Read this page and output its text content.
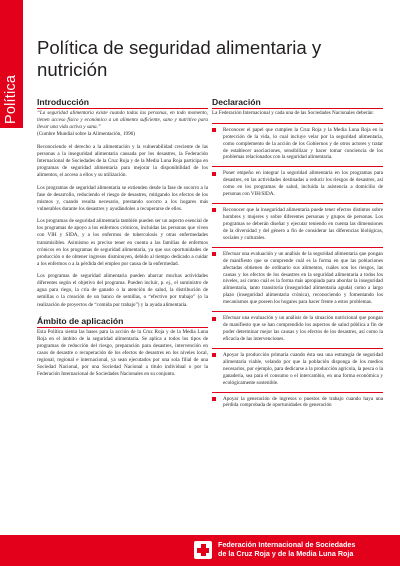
Política
Política de seguridad alimentaria y nutrición
Introducción

“La seguridad alimentaria existe cuando todas las personas, en todo momento, tienen acceso físico y económico a un alimento suficiente, sano y nutritivo para llevar una vida activa y sana.”

(Cumbre Mundial sobre la Alimentación, 1996)

Reconociendo el derecho a la alimentación y la vulnerabilidad creciente de las personas a la inseguridad alimentaria causada por los desastres, la Federación Internacional de Sociedades de la Cruz Roja y de la Media Luna Roja participa en programas de seguridad alimentaria para mejorar la disponibilidad de los alimentos, el acceso a ellos y su utilización.

Los programas de seguridad alimentaria se extienden desde la fase de socorro a la fase de desarrollo, reduciendo el riesgo de desastres, mitigando los efectos de los mismos y, cuando resulta necesario, prestando socorro a los hogares más vulnerables durante los desastres y ayudándoles a recuperarse de ellos.

Los programas de seguridad alimentaria también pueden ser un aspecto esencial de los programas de apoyo a los enfermos crónicos, incluidas las personas que viven con VIH y SIDA, y a los enfermos de tuberculosis y otras enfermedades transmisibles. Asimismo es preciso tener en cuenta a las familias de enfermos crónicos en los programas de seguridad alimentaria, ya que sus oportunidades de producción o de obtener ingresos disminuyen, debido al tiempo dedicado a cuidar a los enfermos o a la pérdida del empleo por causa de la enfermedad.

Los programas de seguridad alimentaria pueden abarcar muchas actividades diferentes según el objetivo del programa. Pueden incluir, p. ej., el suministro de agua para riego, la cría de ganado o la atención de salud, la distribución de semillas o la creación de un banco de semillas, o “efectivo por trabajo” (o la realización de proyectos de “comida por trabajo”) y la ayuda alimentaria.

Ámbito de aplicación

Esta Política sienta las bases para la acción de la Cruz Roja y de la Media Luna Roja en el ámbito de la seguridad alimentaria. Se aplica a todos los tipos de programas de reducción del riesgo, preparación para desastres, intervención en casos de desastre o recuperación de los efectos de desastres en los niveles local, regional, regional e internacional, ya sean ejecutados por una sola filial de una Sociedad Nacional, por una Sociedad Nacional a título individual o por la Federación Internacional de Sociedades Nacionales en su conjunto.

Declaración

La Federación Internacional y cada una de las Sociedades Nacionales deberán:

Reconocer el papel que cumplen la Cruz Roja y la Media Luna Roja en la protección de la vida, lo cual incluye velar por la seguridad alimentaria, como complemento de la acción de los Gobiernos y de otros actores y tratar de establecer asociaciones, sensibilizar y hacer tomar conciencia de los problemas relacionados con la seguridad alimentaria.
Poner empeño en integrar la seguridad alimentaria en los programas para desastres, en las actividades destinadas a reducir los riesgos de desastres, así como en los programas de salud, incluida la asistencia a domicilio de personas con VIH/SIDA.
Reconocer que la inseguridad alimentaria puede tener efectos distintos sobre hombres y mujeres y sobre diferentes personas y grupos de personas. Los programas se deberán diseñar y ejecutar teniendo en cuenta las dimensiones de la diversidad y del género a fin de considerar las diferencias biológicas, sociales y culturales.
Efectuar una evaluación y un análisis de la seguridad alimentaria que pongan de manifiesto que se comprende cuál es la forma en que las poblaciones afectadas obtienen de ordinario sus alimentos, cuáles son los riesgos, las causas y los efectos de los desastres en la seguridad alimentaria a todos los niveles, así como cuál es la forma más apropiada para abordar la inseguridad alimentaria, tanto transitoria (inseguridad alimentaria aguda) como a largo plazo (inseguridad alimentaria crónica), reconociendo y fomentando los mecanismos que poseen los hogares para hacer frente a estos problemas.
Efectuar una evaluación y un análisis de la situación nutricional que pongan de manifiesto que se han comprendido los aspectos de salud pública a fin de poder determinar mejor las causas y los efectos de los desastres, así como la eficacia de las intervenciones.
Apoyar la producción primaria cuando ésta sea una estrategia de seguridad alimentaria viable, velando por que la población disponga de los medios necesarios, por ejemplo, para dedicarse a la producción agrícola, la pesca o la ganadería, sea para el consumo o el intercambio, en una forma económica y ecológicamente sostenible.
Apoyar la generación de ingresos o puestos de trabajo cuando haya una pérdida comprobada de oportunidades de generación
Federación Internacional de Sociedades
de la Cruz Roja y de la Media Luna Roja
